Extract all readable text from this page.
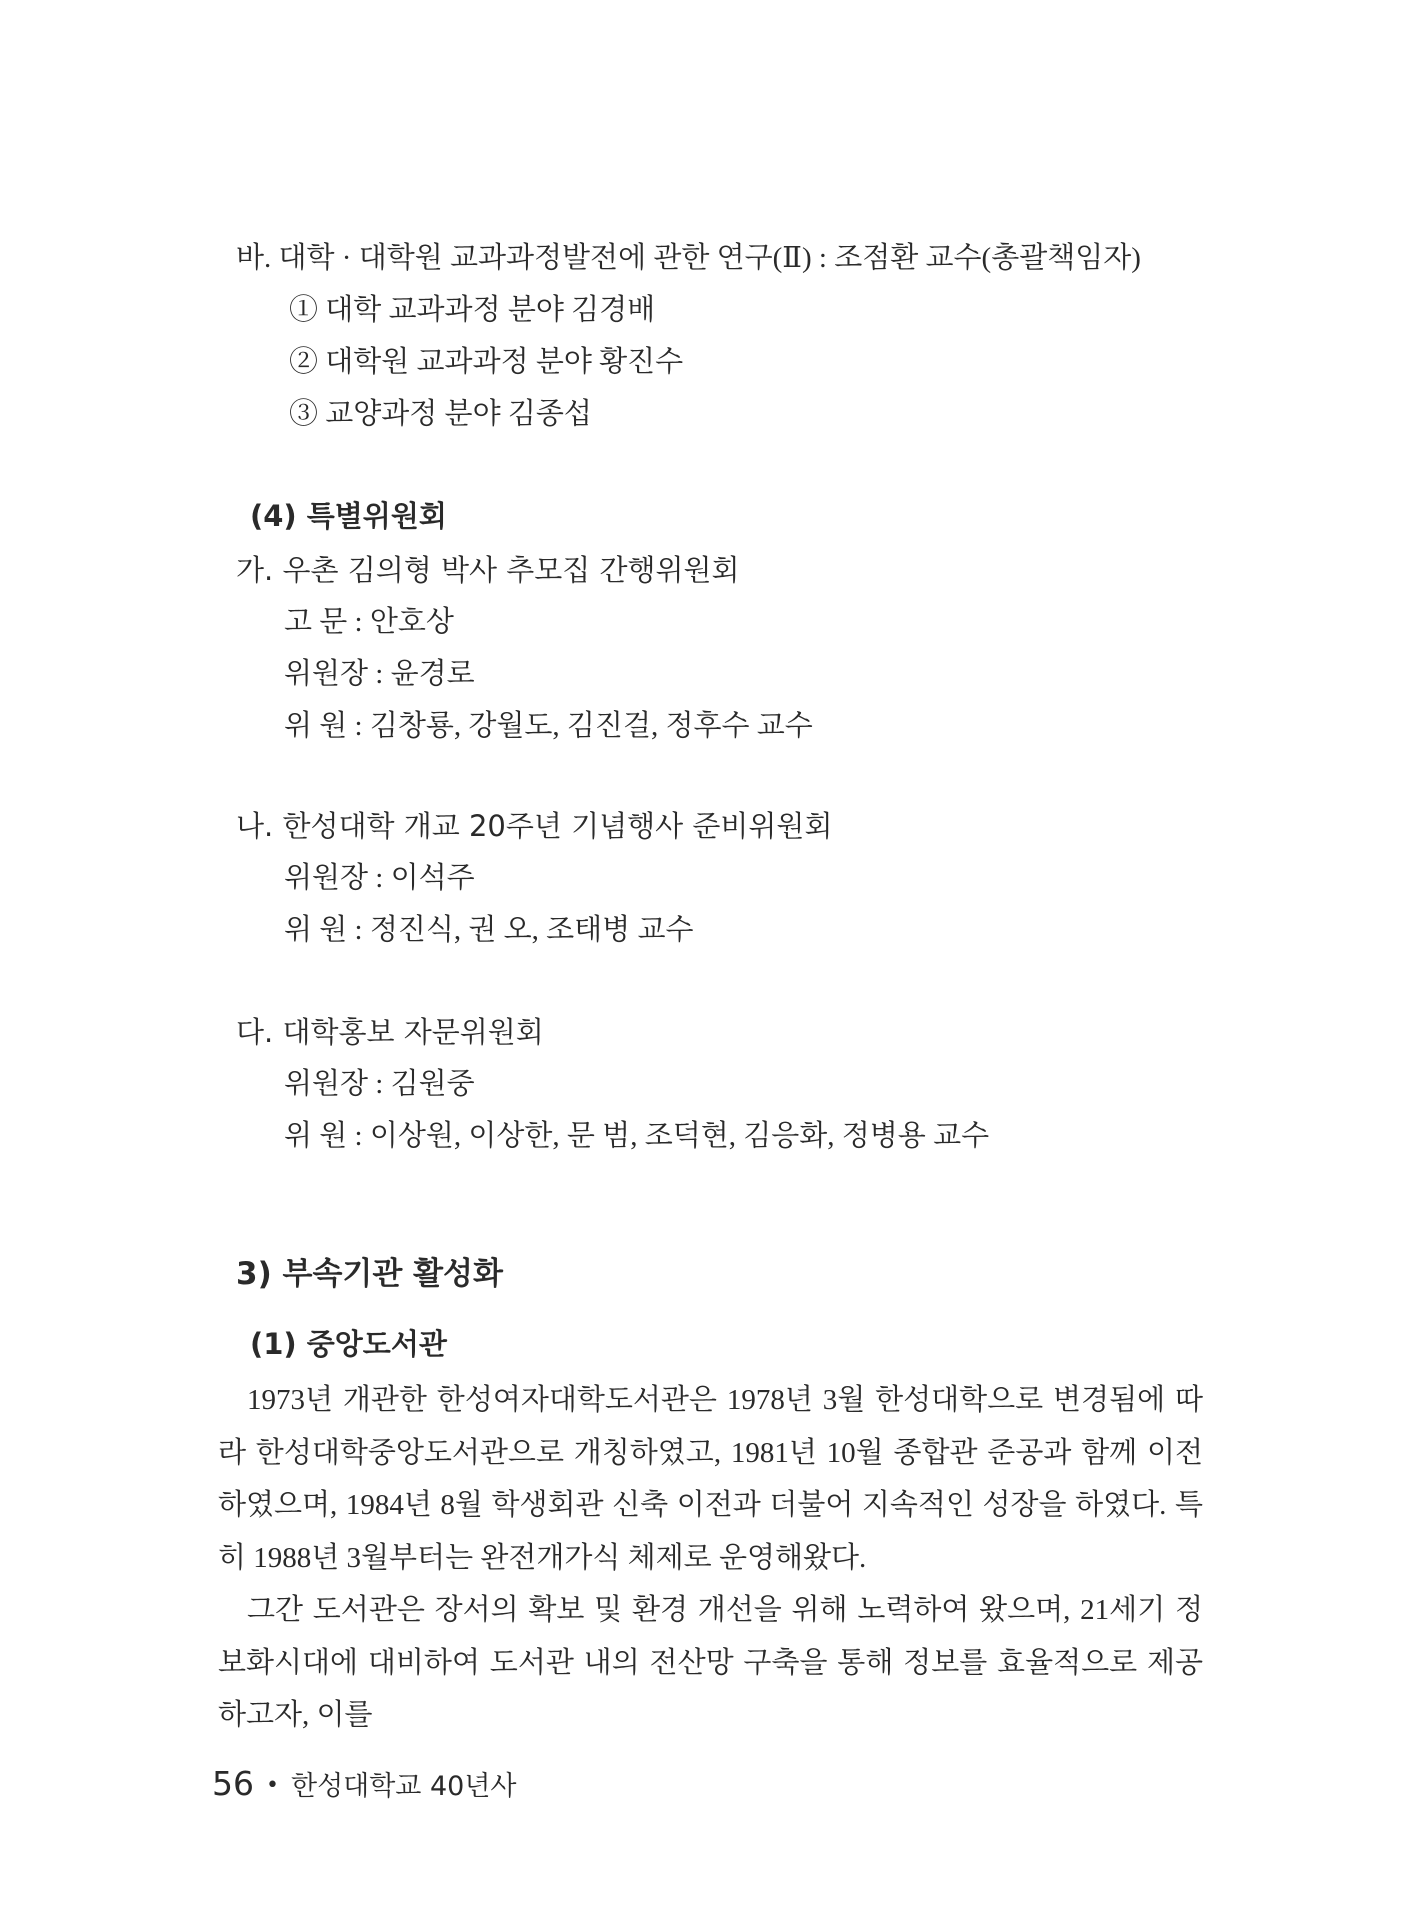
바. 대학 · 대학원 교과과정발전에 관한 연구(Ⅱ) : 조점환 교수(총괄책임자)
① 대학 교과과정 분야 김경배
② 대학원 교과과정 분야 황진수
③ 교양과정 분야 김종섭
(4) 특별위원회
가. 우촌 김의형 박사 추모집 간행위원회
고 문 : 안호상
위원장 : 윤경로
위 원 : 김창룡, 강월도, 김진걸, 정후수 교수
나. 한성대학 개교 20주년 기념행사 준비위원회
위원장 : 이석주
위 원 : 정진식, 권 오, 조태병 교수
다. 대학홍보 자문위원회
위원장 : 김원중
위 원 : 이상원, 이상한, 문 범, 조덕현, 김응화, 정병용 교수
3) 부속기관 활성화
(1) 중앙도서관
1973년 개관한 한성여자대학도서관은 1978년 3월 한성대학으로 변경됨에 따라 한성대학중앙도서관으로 개칭하였고, 1981년 10월 종합관 준공과 함께 이전하였으며, 1984년 8월 학생회관 신축 이전과 더불어 지속적인 성장을 하였다. 특히 1988년 3월부터는 완전개가식 체제로 운영해왔다.
그간 도서관은 장서의 확보 및 환경 개선을 위해 노력하여 왔으며, 21세기 정보화시대에 대비하여 도서관 내의 전산망 구축을 통해 정보를 효율적으로 제공하고자, 이를
56 • 한성대학교 40년사
